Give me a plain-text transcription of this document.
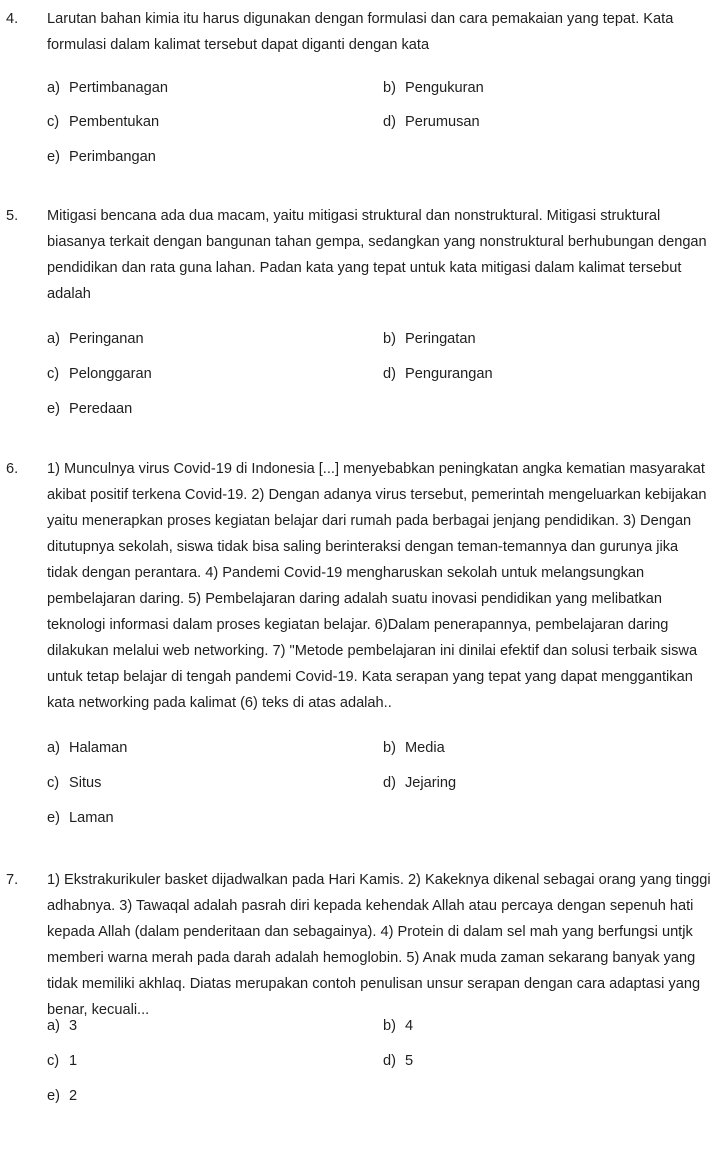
4. Larutan bahan kimia itu harus digunakan dengan formulasi dan cara pemakaian yang tepat. Kata formulasi dalam kalimat tersebut dapat diganti dengan kata

a) Pertimbanagan	b) Pengukuran
c) Pembentukan	d) Perumusan
e) Perimbangan
5. Mitigasi bencana ada dua macam, yaitu mitigasi struktural dan nonstruktural. Mitigasi struktural biasanya terkait dengan bangunan tahan gempa, sedangkan yang nonstruktural berhubungan dengan pendidikan dan rata guna lahan. Padan kata yang tepat untuk kata mitigasi dalam kalimat tersebut adalah

a) Peringanan	b) Peringatan
c) Pelonggaran	d) Pengurangan
e) Peredaan
6. 1) Munculnya virus Covid-19 di Indonesia [...] menyebabkan peningkatan angka kematian masyarakat akibat positif terkena Covid-19. 2) Dengan adanya virus tersebut, pemerintah mengeluarkan kebijakan yaitu menerapkan proses kegiatan belajar dari rumah pada berbagai jenjang pendidikan. 3) Dengan ditutupnya sekolah, siswa tidak bisa saling berinteraksi dengan teman-temannya dan gurunya jika tidak dengan perantara. 4) Pandemi Covid-19 mengharuskan sekolah untuk melangsungkan pembelajaran daring. 5) Pembelajaran daring adalah suatu inovasi pendidikan yang melibatkan teknologi informasi dalam proses kegiatan belajar. 6)Dalam penerapannya, pembelajaran daring dilakukan melalui web networking. 7) "Metode pembelajaran ini dinilai efektif dan solusi terbaik siswa untuk tetap belajar di tengah pandemi Covid-19. Kata serapan yang tepat yang dapat menggantikan kata networking pada kalimat (6) teks di atas adalah..

a) Halaman	b) Media
c) Situs	d) Jejaring
e) Laman
7. 1) Ekstrakurikuler basket dijadwalkan pada Hari Kamis. 2) Kakeknya dikenal sebagai orang yang tinggi adhabnya. 3) Tawaqal adalah pasrah diri kepada kehendak Allah atau percaya dengan sepenuh hati kepada Allah (dalam penderitaan dan sebagainya). 4) Protein di dalam sel mah yang berfungsi untjk memberi warna merah pada darah adalah hemoglobin. 5) Anak muda zaman sekarang banyak yang tidak memiliki akhlaq. Diatas merupakan contoh penulisan unsur serapan dengan cara adaptasi yang benar, kecuali...

a) 3	b) 4
c) 1	d) 5
e) 2
